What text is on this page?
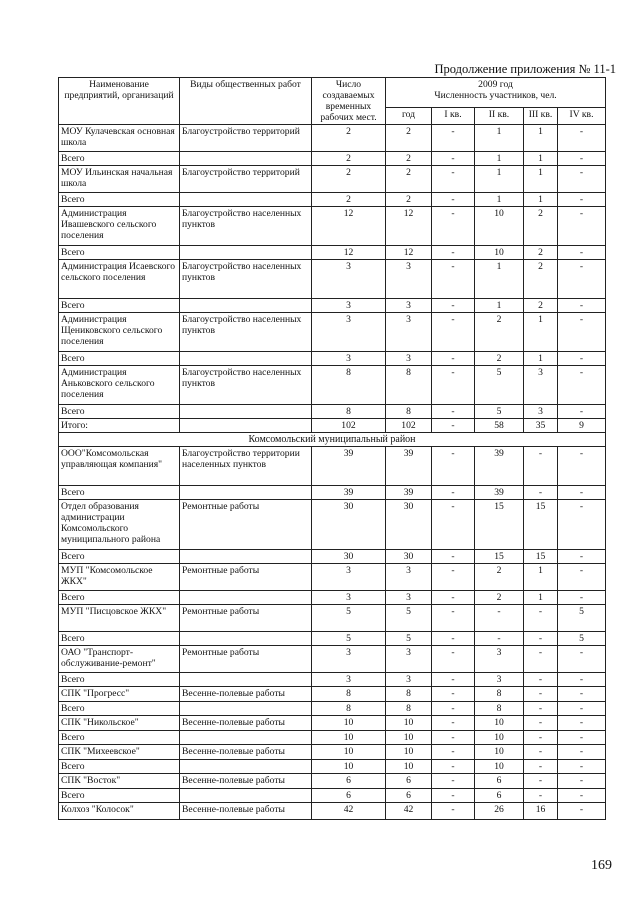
Продолжение приложения № 11-1
Наименование предприятий, организаций	Виды общественных работ	Число создаваемых временных рабочих мест.	2009 год
Численность участников, чел.				

			год	I кв.	II кв.	III кв.	IV кв.
МОУ Кулачевская основная школа	Благоустройство территорий	2	2	-	1	1	-
Всего		2	2	-	1	1	-
МОУ Ильинская начальная школа	Благоустройство территорий	2	2	-	1	1	-
Всего		2	2	-	1	1	-
Администрация Ивашевского сельского поселения	Благоустройство населенных пунктов	12	12	-	10	2	-
Всего		12	12	-	10	2	-
Администрация Исаевского сельского поселения	Благоустройство населенных пунктов	3	3	-	1	2	-
Всего		3	3	-	1	2	-
Администрация Щениковского сельского поселения	Благоустройство населенных пунктов	3	3	-	2	1	-
Всего		3	3	-	2	1	-
Администрация Аньковского сельского поселения	Благоустройство населенных пунктов	8	8	-	5	3	-
Всего		8	8	-	5	3	-
Итого:		102	102	-	58	35	9
Комсомольский муниципальный район							
ООО"Комсомольская управляющая компания"	Благоустройство территории населенных пунктов	39	39	-	39	-	-
Всего		39	39	-	39	-	-
Отдел образования администрации Комсомольского муниципального района	Ремонтные работы	30	30	-	15	15	-
Всего		30	30	-	15	15	-
МУП "Комсомольское ЖКХ"	Ремонтные работы	3	3	-	2	1	-
Всего		3	3	-	2	1	-
МУП "Писцовское ЖКХ"	Ремонтные работы	5	5	-	-	-	5
Всего		5	5	-	-	-	5
ОАО "Транспорт-обслуживание-ремонт"	Ремонтные работы	3	3	-	3	-	-
Всего		3	3	-	3	-	-
СПК "Прогресс"	Весенне-полевые работы	8	8	-	8	-	-
Всего		8	8	-	8	-	-
СПК "Никольское"	Весенне-полевые работы	10	10	-	10	-	-
Всего		10	10	-	10	-	-
СПК "Михеевское"	Весенне-полевые работы	10	10	-	10	-	-
Всего		10	10	-	10	-	-
СПК "Восток"	Весенне-полевые работы	6	6	-	6	-	-
Всего		6	6	-	6	-	-
Колхоз "Колосок"	Весенне-полевые работы	42	42	-	26	16	-
169
